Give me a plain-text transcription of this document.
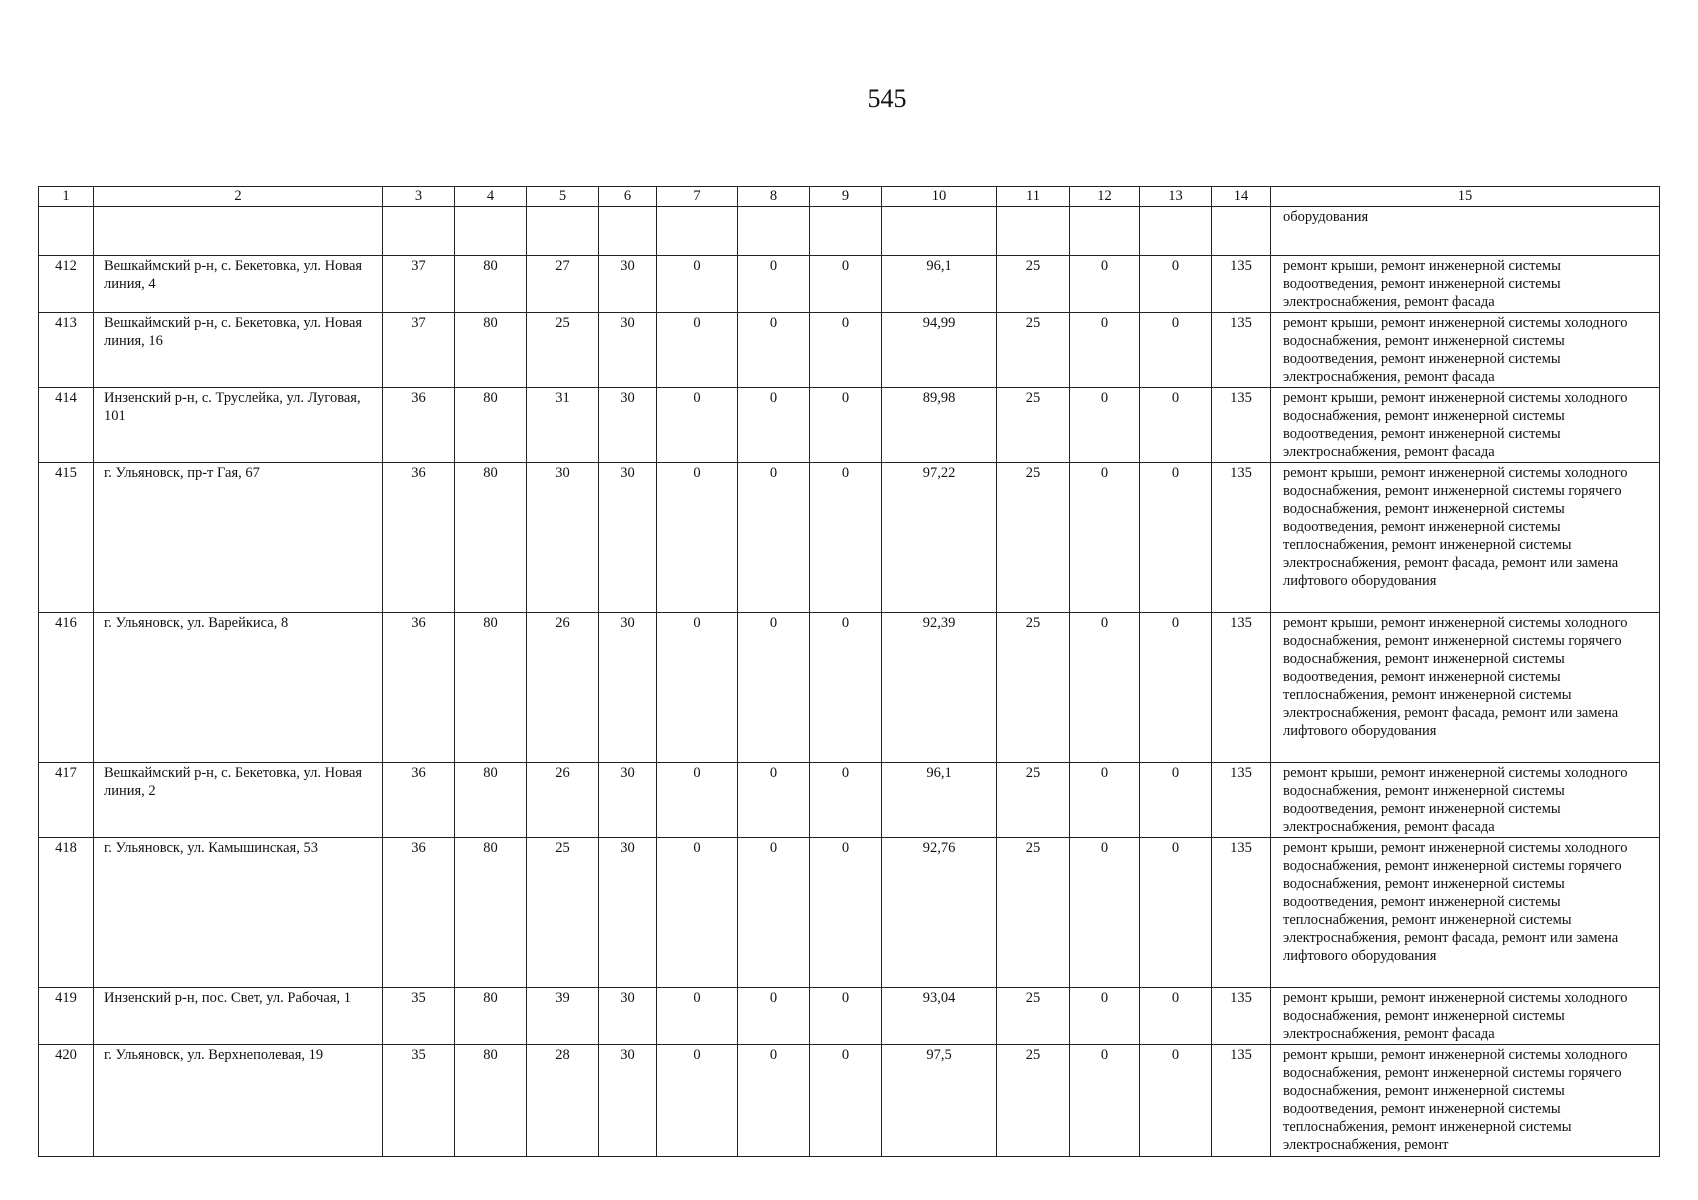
545
1	2	3	4	5	6	7	8	9	10	11	12	13	14	15
														оборудования
412	Вешкаймский р-н, с. Бекетовка, ул. Новая линия, 4	37	80	27	30	0	0	0	96,1	25	0	0	135	ремонт крыши, ремонт инженерной системы водоотведения, ремонт инженерной системы электроснабжения, ремонт фасада
413	Вешкаймский р-н, с. Бекетовка, ул. Новая линия, 16	37	80	25	30	0	0	0	94,99	25	0	0	135	ремонт крыши, ремонт инженерной системы холодного водоснабжения, ремонт инженерной системы водоотведения, ремонт инженерной системы электроснабжения, ремонт фасада
414	Инзенский р-н, с. Труслейка, ул. Луговая, 101	36	80	31	30	0	0	0	89,98	25	0	0	135	ремонт крыши, ремонт инженерной системы холодного водоснабжения, ремонт инженерной системы водоотведения, ремонт инженерной системы электроснабжения, ремонт фасада
415	г. Ульяновск, пр-т Гая, 67	36	80	30	30	0	0	0	97,22	25	0	0	135	ремонт крыши, ремонт инженерной системы холодного водоснабжения, ремонт инженерной системы горячего водоснабжения, ремонт инженерной системы водоотведения, ремонт инженерной системы теплоснабжения, ремонт инженерной системы электроснабжения, ремонт фасада, ремонт или замена лифтового оборудования
416	г. Ульяновск, ул. Варейкиса, 8	36	80	26	30	0	0	0	92,39	25	0	0	135	ремонт крыши, ремонт инженерной системы холодного водоснабжения, ремонт инженерной системы горячего водоснабжения, ремонт инженерной системы водоотведения, ремонт инженерной системы теплоснабжения, ремонт инженерной системы электроснабжения, ремонт фасада, ремонт или замена лифтового оборудования
417	Вешкаймский р-н, с. Бекетовка, ул. Новая линия, 2	36	80	26	30	0	0	0	96,1	25	0	0	135	ремонт крыши, ремонт инженерной системы холодного водоснабжения, ремонт инженерной системы водоотведения, ремонт инженерной системы электроснабжения, ремонт фасада
418	г. Ульяновск, ул. Камышинская, 53	36	80	25	30	0	0	0	92,76	25	0	0	135	ремонт крыши, ремонт инженерной системы холодного водоснабжения, ремонт инженерной системы горячего водоснабжения, ремонт инженерной системы водоотведения, ремонт инженерной системы теплоснабжения, ремонт инженерной системы электроснабжения, ремонт фасада, ремонт или замена лифтового оборудования
419	Инзенский р-н, пос. Свет, ул. Рабочая, 1	35	80	39	30	0	0	0	93,04	25	0	0	135	ремонт крыши, ремонт инженерной системы холодного водоснабжения, ремонт инженерной системы электроснабжения, ремонт фасада
420	г. Ульяновск, ул. Верхнеполевая, 19	35	80	28	30	0	0	0	97,5	25	0	0	135	ремонт крыши, ремонт инженерной системы холодного водоснабжения, ремонт инженерной системы горячего водоснабжения, ремонт инженерной системы водоотведения, ремонт инженерной системы теплоснабжения, ремонт инженерной системы электроснабжения, ремонт
